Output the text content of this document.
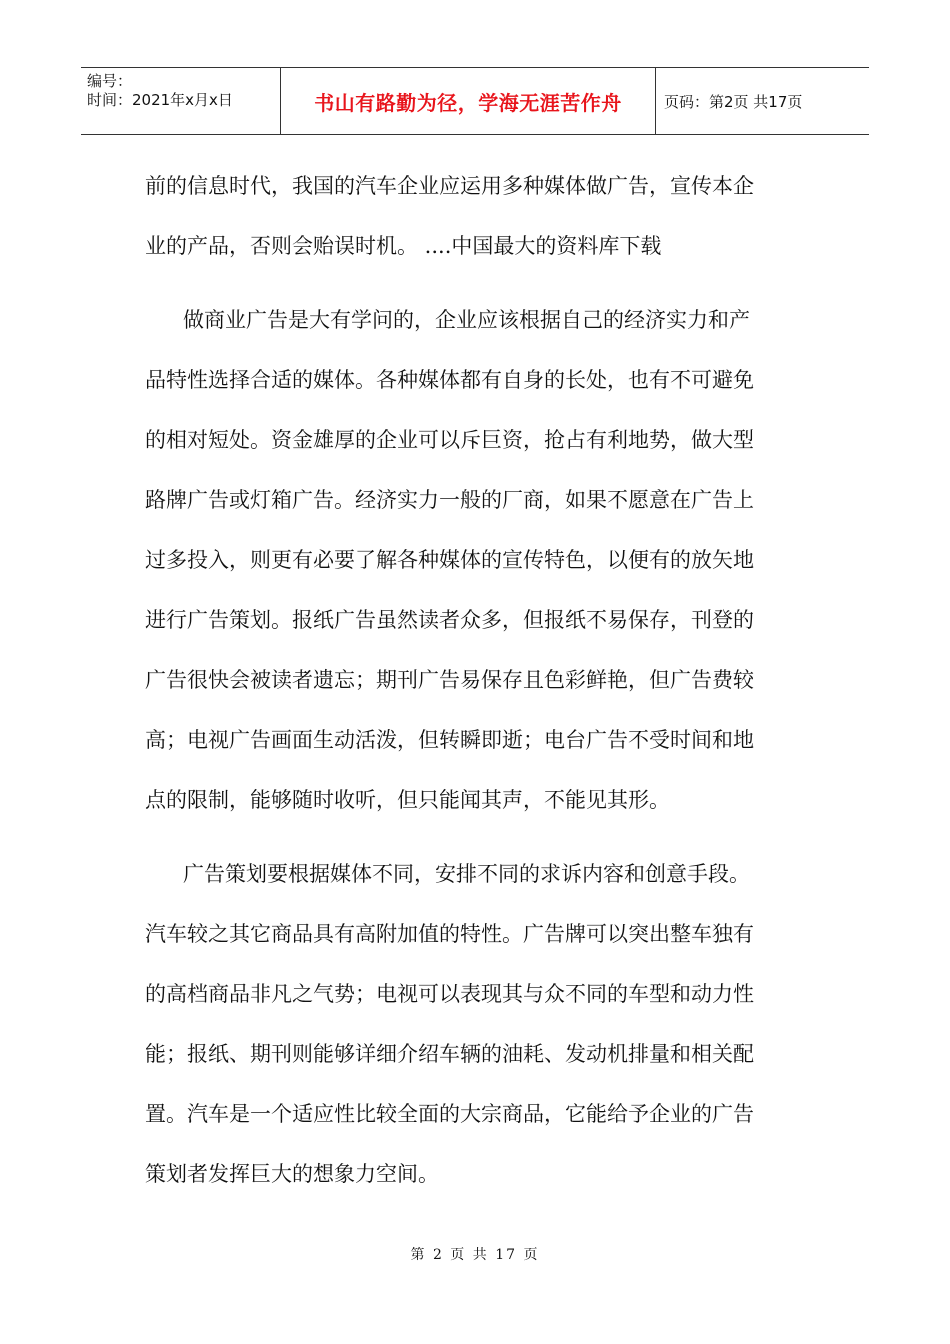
编号：
时间：2021年x月x日	书山有路勤为径，学海无涯苦作舟	页码：第2页 共17页
前的信息时代，我国的汽车企业应运用多种媒体做广告，宣传本企
业的产品，否则会贻误时机。 ....中国最大的资料库下载
做商业广告是大有学问的，企业应该根据自己的经济实力和产
品特性选择合适的媒体。各种媒体都有自身的长处，也有不可避免
的相对短处。资金雄厚的企业可以斥巨资，抢占有利地势，做大型
路牌广告或灯箱广告。经济实力一般的厂商，如果不愿意在广告上
过多投入，则更有必要了解各种媒体的宣传特色，以便有的放矢地
进行广告策划。报纸广告虽然读者众多，但报纸不易保存，刊登的
广告很快会被读者遗忘；期刊广告易保存且色彩鲜艳，但广告费较
高；电视广告画面生动活泼，但转瞬即逝；电台广告不受时间和地
点的限制，能够随时收听，但只能闻其声，不能见其形。
广告策划要根据媒体不同，安排不同的求诉内容和创意手段。
汽车较之其它商品具有高附加值的特性。广告牌可以突出整车独有
的高档商品非凡之气势；电视可以表现其与众不同的车型和动力性
能；报纸、期刊则能够详细介绍车辆的油耗、发动机排量和相关配
置。汽车是一个适应性比较全面的大宗商品，它能给予企业的广告
策划者发挥巨大的想象力空间。
第 2 页 共 17 页
